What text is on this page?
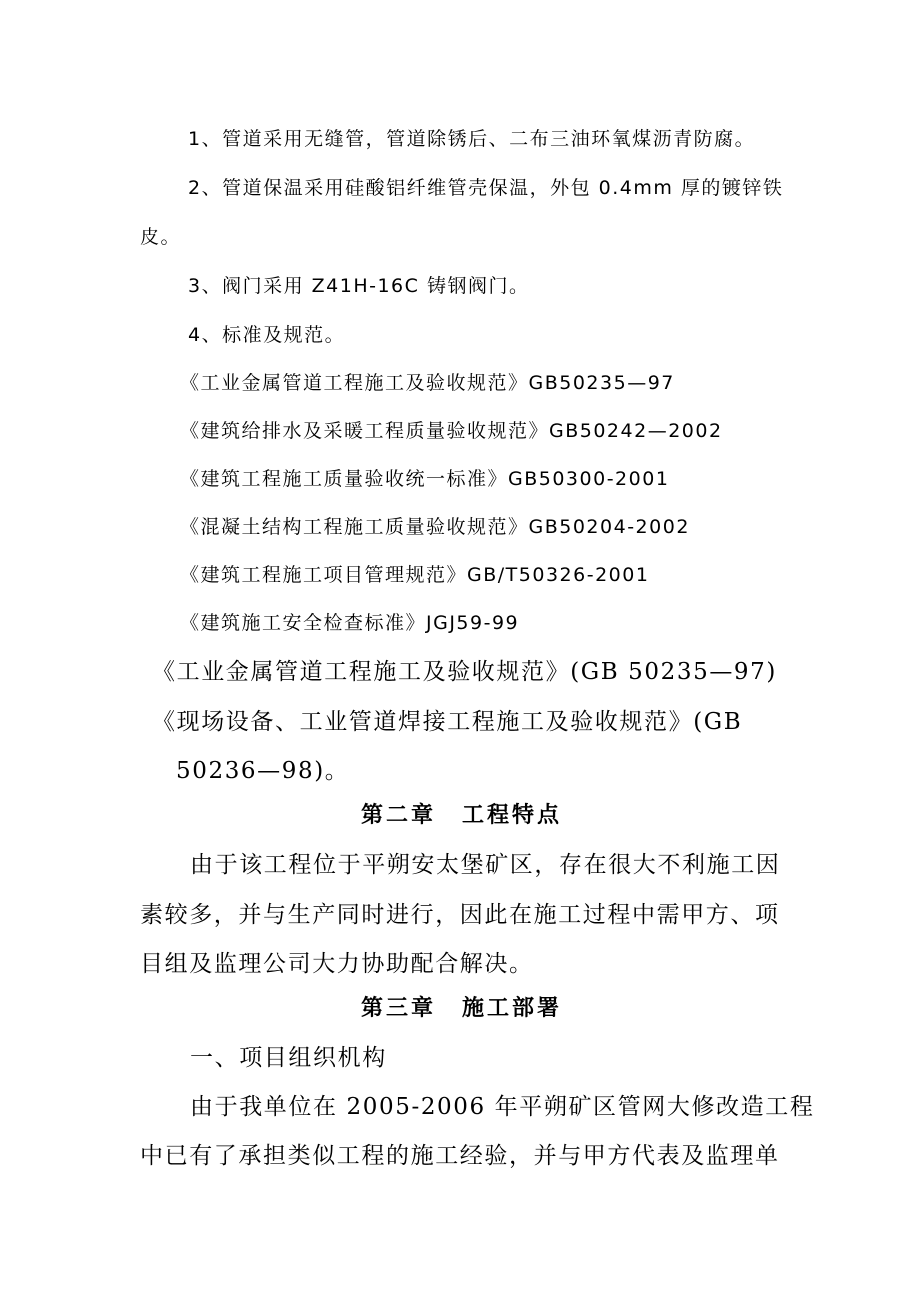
1、管道采用无缝管，管道除锈后、二布三油环氧煤沥青防腐。
2、管道保温采用硅酸铝纤维管壳保温，外包 0.4mm 厚的镀锌铁
皮。
3、阀门采用 Z41H-16C 铸钢阀门。
4、标准及规范。
《工业金属管道工程施工及验收规范》GB50235—97
《建筑给排水及采暖工程质量验收规范》GB50242—2002
《建筑工程施工质量验收统一标准》GB50300-2001
《混凝土结构工程施工质量验收规范》GB50204-2002
《建筑工程施工项目管理规范》GB/T50326-2001
《建筑施工安全检查标准》JGJ59-99
《工业金属管道工程施工及验收规范》(GB 50235—97)
《现场设备、工业管道焊接工程施工及验收规范》(GB
50236—98)。
第二章 工程特点
由于该工程位于平朔安太堡矿区，存在很大不利施工因
素较多，并与生产同时进行，因此在施工过程中需甲方、项
目组及监理公司大力协助配合解决。
第三章 施工部署
一、项目组织机构
由于我单位在 2005-2006 年平朔矿区管网大修改造工程
中已有了承担类似工程的施工经验，并与甲方代表及监理单
